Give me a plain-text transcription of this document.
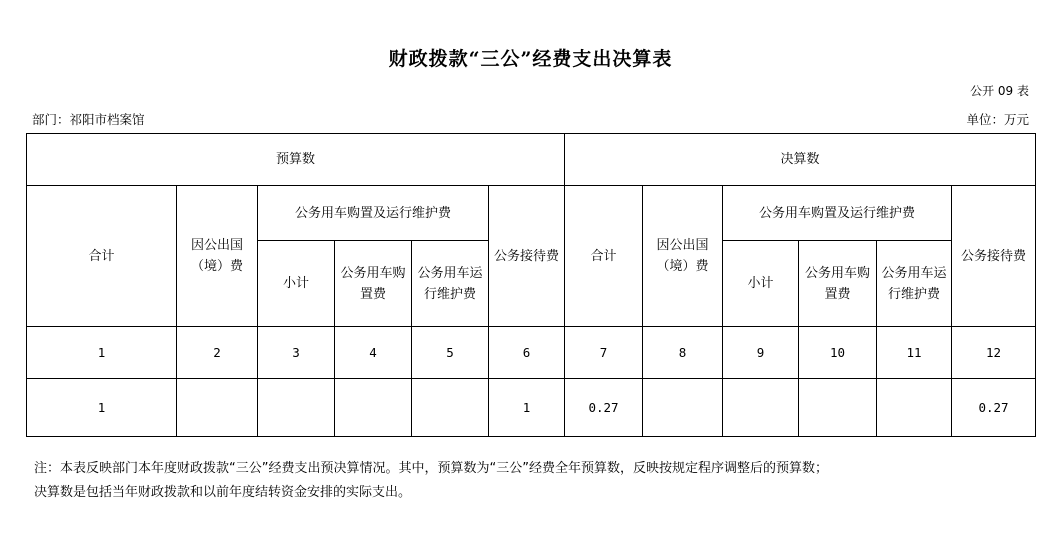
财政拨款“三公”经费支出决算表
公开 09 表
部门：祁阳市档案馆	单位：万元
预算数						决算数					
合计	因公出国（境）费	公务用车购置及运行维护费			公务接待费	合计	因公出国（境）费	公务用车购置及运行维护费			公务接待费
		小计	公务用车购置费	公务用车运行维护费				小计	公务用车购置费	公务用车运行维护费	
1	2	3	4	5	6	7	8	9	10	11	12
1					1	0.27					0.27
注：本表反映部门本年度财政拨款“三公”经费支出预决算情况。其中，预算数为“三公”经费全年预算数，反映按规定程序调整后的预算数；
决算数是包括当年财政拨款和以前年度结转资金安排的实际支出。
